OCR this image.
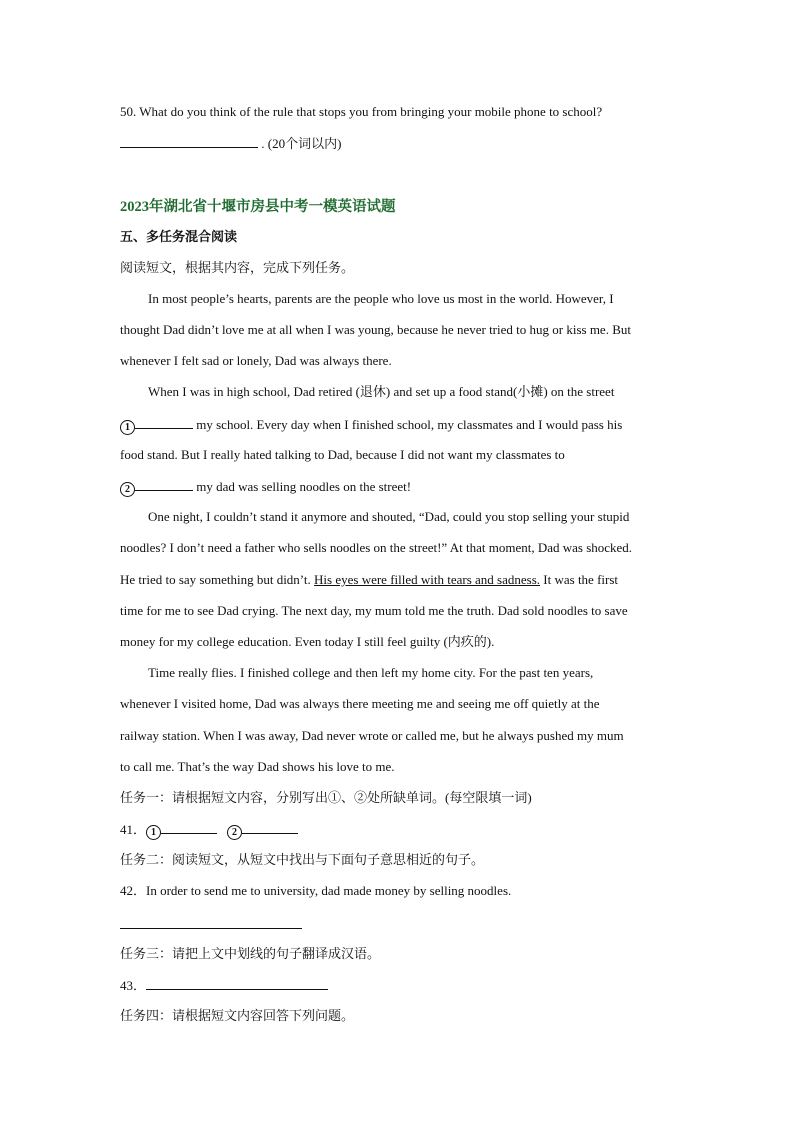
50. What do you think of the rule that stops you from bringing your mobile phone to school?
. (20个词以内)
2023年湖北省十堰市房县中考一模英语试题
五、多任务混合阅读
阅读短文，根据其内容，完成下列任务。
In most people’s hearts, parents are the people who love us most in the world. However, I
thought Dad didn’t love me at all when I was young, because he never tried to hug or kiss me. But
whenever I felt sad or lonely, Dad was always there.
When I was in high school, Dad retired (退休) and set up a food stand(小摊) on the street
1	my school. Every day when I finished school, my classmates and I would pass his
food stand. But I really hated talking to Dad, because I did not want my classmates to
2	my dad was selling noodles on the street!
One night, I couldn’t stand it anymore and shouted, “Dad, could you stop selling your stupid
noodles? I don’t need a father who sells noodles on the street!” At that moment, Dad was shocked.
He tried to say something but didn’t. His eyes were filled with tears and sadness. It was the first
time for me to see Dad crying. The next day, my mum told me the truth. Dad sold noodles to save
money for my college education. Even today I still feel guilty (内疚的).
Time really flies. I finished college and then left my home city. For the past ten years,
whenever I visited home, Dad was always there meeting me and seeing me off quietly at the
railway station. When I was away, Dad never wrote or called me, but he always pushed my mum
to call me. That’s the way Dad shows his love to me.
任务一：请根据短文内容，分别写出①、②处所缺单词。(每空限填一词)
41． 1	2
任务二：阅读短文，从短文中找出与下面句子意思相近的句子。
42．In order to send me to university, dad made money by selling noodles.
任务三：请把上文中划线的句子翻译成汉语。
43．
任务四：请根据短文内容回答下列问题。
